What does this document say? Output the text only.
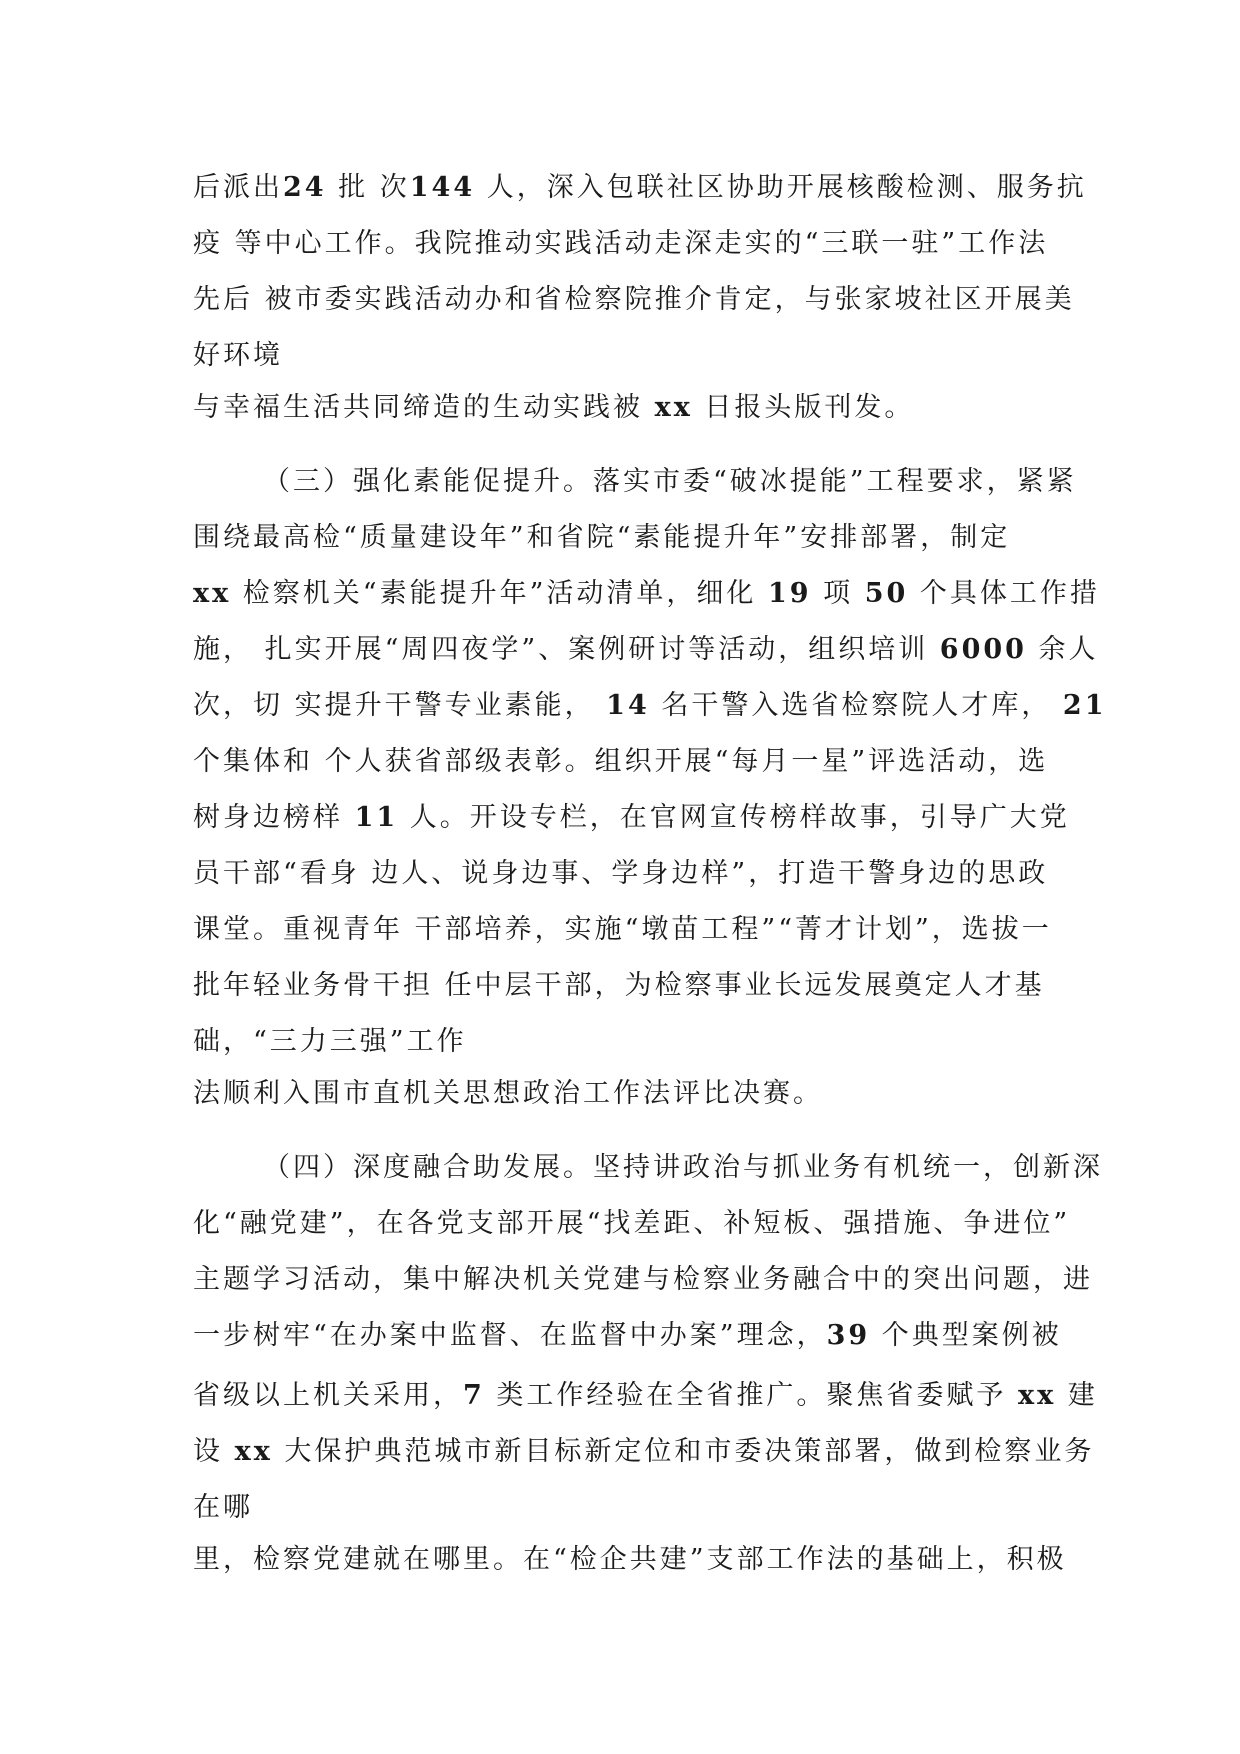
后派出24 批 次144 人，深入包联社区协助开展核酸检测、服务抗
疫 等中心工作。我院推动实践活动走深走实的“三联一驻”工作法
先后 被市委实践活动办和省检察院推介肯定，与张家坡社区开展美
好环境
与幸福生活共同缔造的生动实践被 xx 日报头版刊发。
（三）强化素能促提升。落实市委“破冰提能”工程要求，紧紧
围绕最高检“质量建设年”和省院“素能提升年”安排部署，制定
xx 检察机关“素能提升年”活动清单，细化 19 项 50 个具体工作措
施， 扎实开展“周四夜学”、案例研讨等活动，组织培训 6000 余人
次，切 实提升干警专业素能， 14 名干警入选省检察院人才库， 21
个集体和 个人获省部级表彰。组织开展“每月一星”评选活动，选
树身边榜样 11 人。开设专栏，在官网宣传榜样故事，引导广大党
员干部“看身 边人、说身边事、学身边样”，打造干警身边的思政
课堂。重视青年 干部培养，实施“墩苗工程”“菁才计划”，选拔一
批年轻业务骨干担 任中层干部，为检察事业长远发展奠定人才基
础，“三力三强”工作
法顺利入围市直机关思想政治工作法评比决赛。
（四）深度融合助发展。坚持讲政治与抓业务有机统一，创新深
化“融党建”，在各党支部开展“找差距、补短板、强措施、争进位”
主题学习活动，集中解决机关党建与检察业务融合中的突出问题，进
一步树牢“在办案中监督、在监督中办案”理念，39 个典型案例被
省级以上机关采用，7 类工作经验在全省推广。聚焦省委赋予 xx 建
设 xx 大保护典范城市新目标新定位和市委决策部署，做到检察业务
在哪
里，检察党建就在哪里。在“检企共建”支部工作法的基础上，积极
